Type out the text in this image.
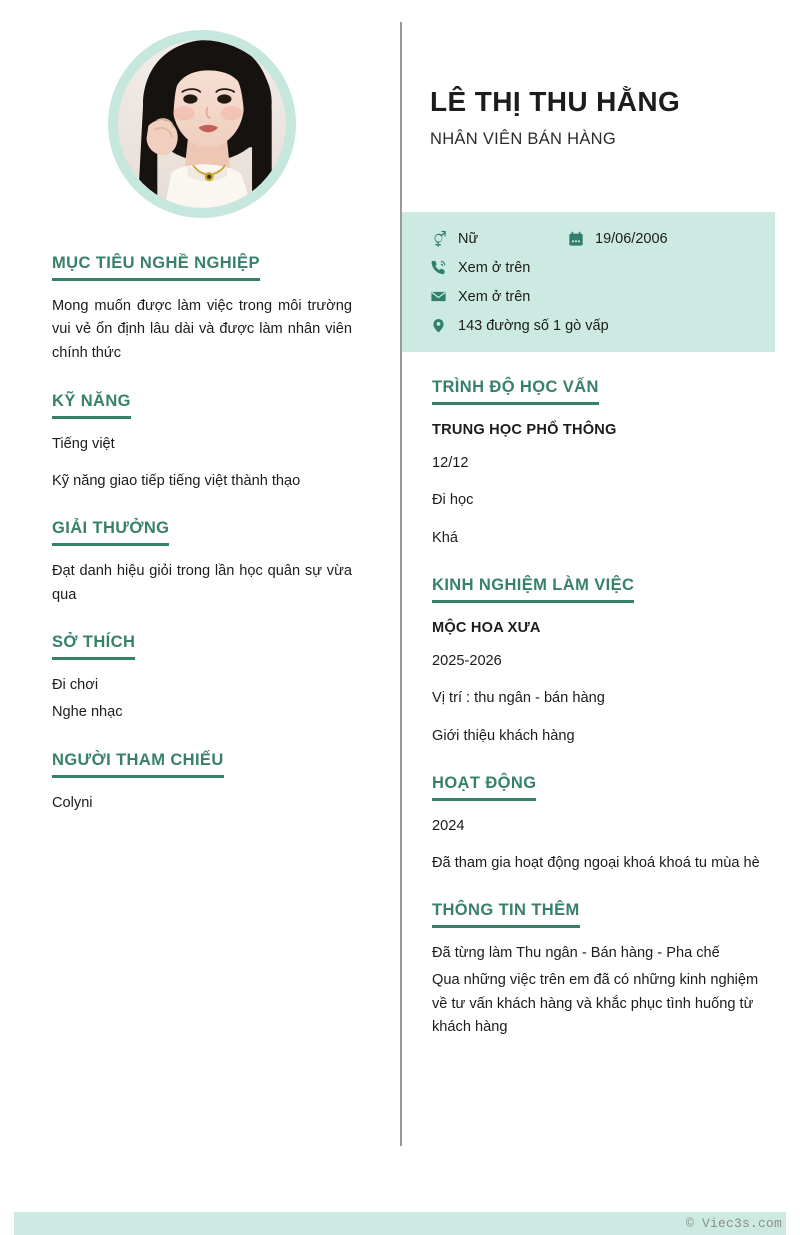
MỤC TIÊU NGHỀ NGHIỆP
Mong muốn được làm việc trong môi trường vui vẻ ổn định lâu dài và được làm nhân viên chính thức
KỸ NĂNG
Tiếng việt
Kỹ năng giao tiếp tiếng việt thành thạo
GIẢI THƯỞNG
Đạt danh hiệu giỏi trong lần học quân sự vừa qua
SỞ THÍCH
Đi chơi
Nghe nhạc
NGƯỜI THAM CHIẾU
Colyni
LÊ THỊ THU HẰNG
NHÂN VIÊN BÁN HÀNG
Nữ	19/06/2006
Xem ở trên
Xem ở trên
143 đường số 1 gò vấp
TRÌNH ĐỘ HỌC VẤN
TRUNG HỌC PHỔ THÔNG
12/12
Đi học
Khá
KINH NGHIỆM LÀM VIỆC
MỘC HOA XƯA
2025-2026
Vị trí : thu ngân - bán hàng
Giới thiệu khách hàng
HOẠT ĐỘNG
2024
Đã tham gia hoạt động ngoại khoá khoá tu mùa hè
THÔNG TIN THÊM
Đã từng làm Thu ngân - Bán hàng - Pha chế
Qua những việc trên em đã có những kinh nghiệm về tư vấn khách hàng và khắc phục tình huống từ khách hàng
© Viec3s.com
